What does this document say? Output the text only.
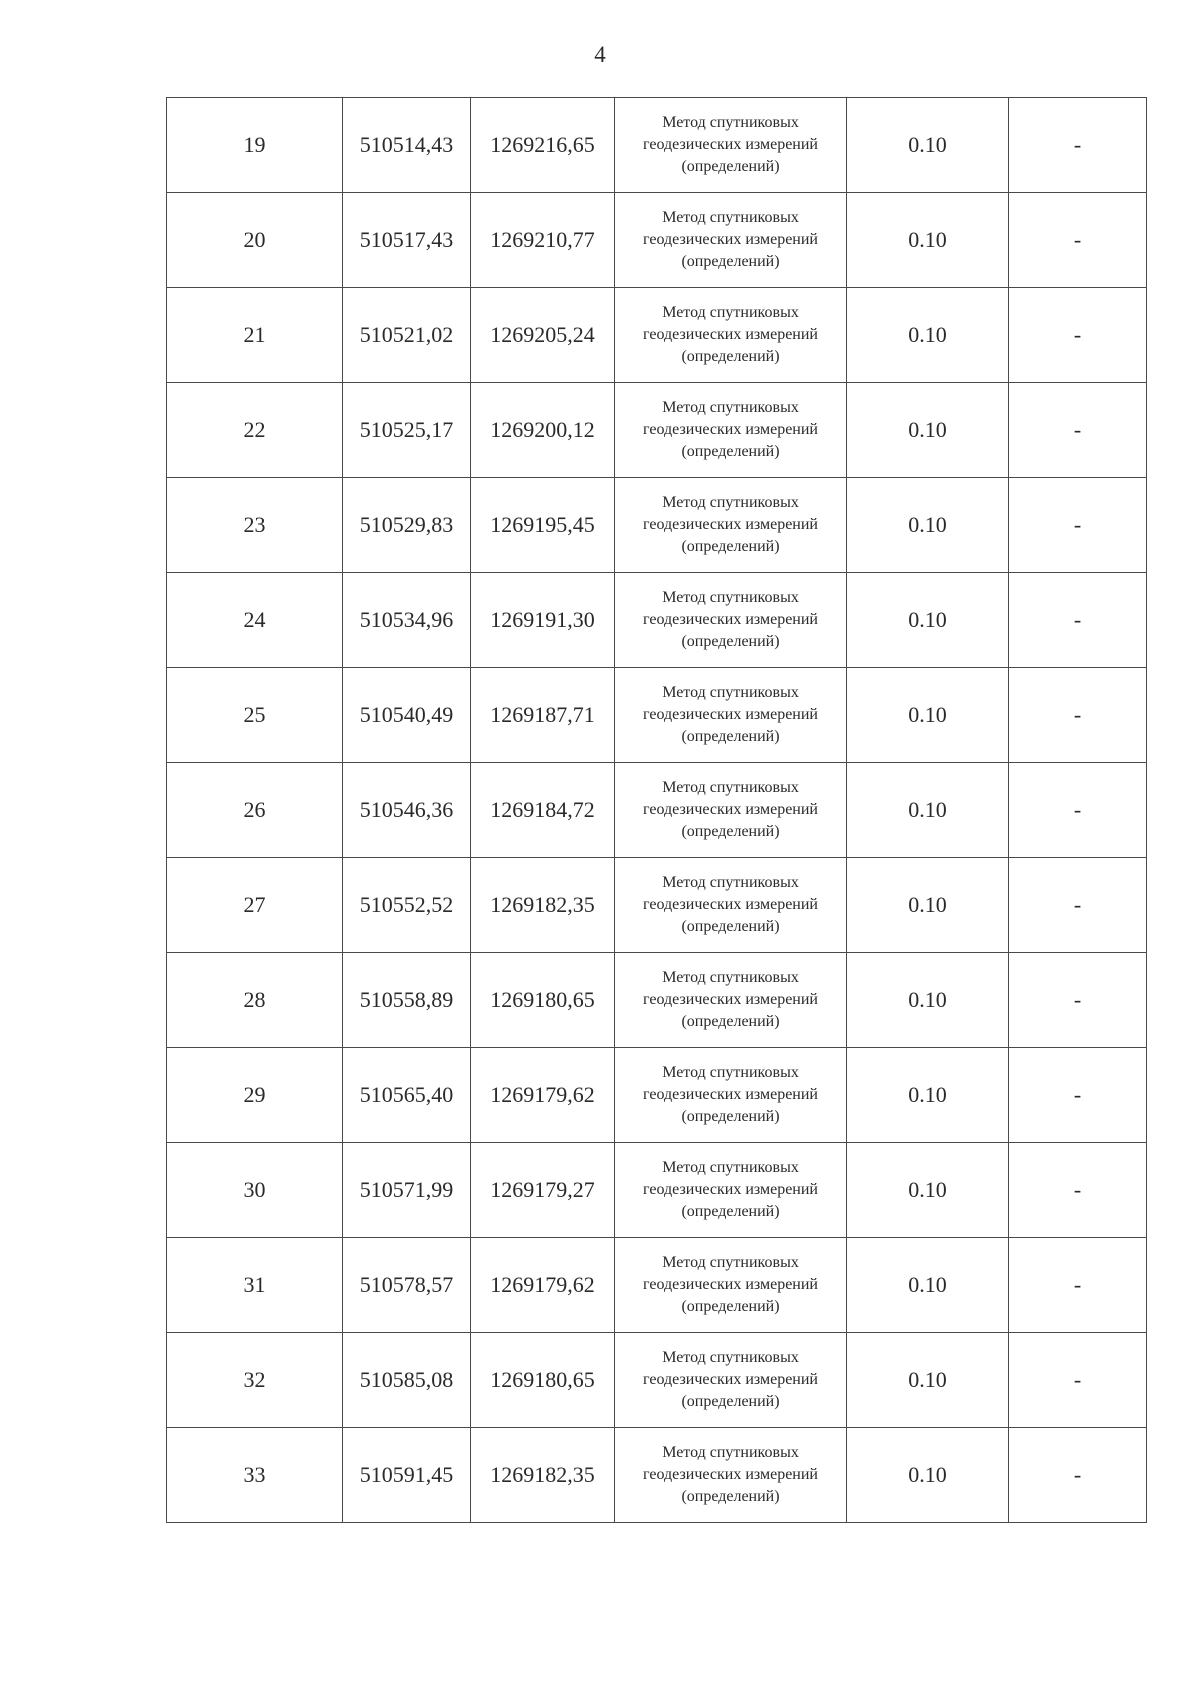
4
19	510514,43	1269216,65	Метод спутниковых
геодезических измерений
(определений)	0.10	-
20	510517,43	1269210,77	Метод спутниковых
геодезических измерений
(определений)	0.10	-
21	510521,02	1269205,24	Метод спутниковых
геодезических измерений
(определений)	0.10	-
22	510525,17	1269200,12	Метод спутниковых
геодезических измерений
(определений)	0.10	-
23	510529,83	1269195,45	Метод спутниковых
геодезических измерений
(определений)	0.10	-
24	510534,96	1269191,30	Метод спутниковых
геодезических измерений
(определений)	0.10	-
25	510540,49	1269187,71	Метод спутниковых
геодезических измерений
(определений)	0.10	-
26	510546,36	1269184,72	Метод спутниковых
геодезических измерений
(определений)	0.10	-
27	510552,52	1269182,35	Метод спутниковых
геодезических измерений
(определений)	0.10	-
28	510558,89	1269180,65	Метод спутниковых
геодезических измерений
(определений)	0.10	-
29	510565,40	1269179,62	Метод спутниковых
геодезических измерений
(определений)	0.10	-
30	510571,99	1269179,27	Метод спутниковых
геодезических измерений
(определений)	0.10	-
31	510578,57	1269179,62	Метод спутниковых
геодезических измерений
(определений)	0.10	-
32	510585,08	1269180,65	Метод спутниковых
геодезических измерений
(определений)	0.10	-
33	510591,45	1269182,35	Метод спутниковых
геодезических измерений
(определений)	0.10	-
